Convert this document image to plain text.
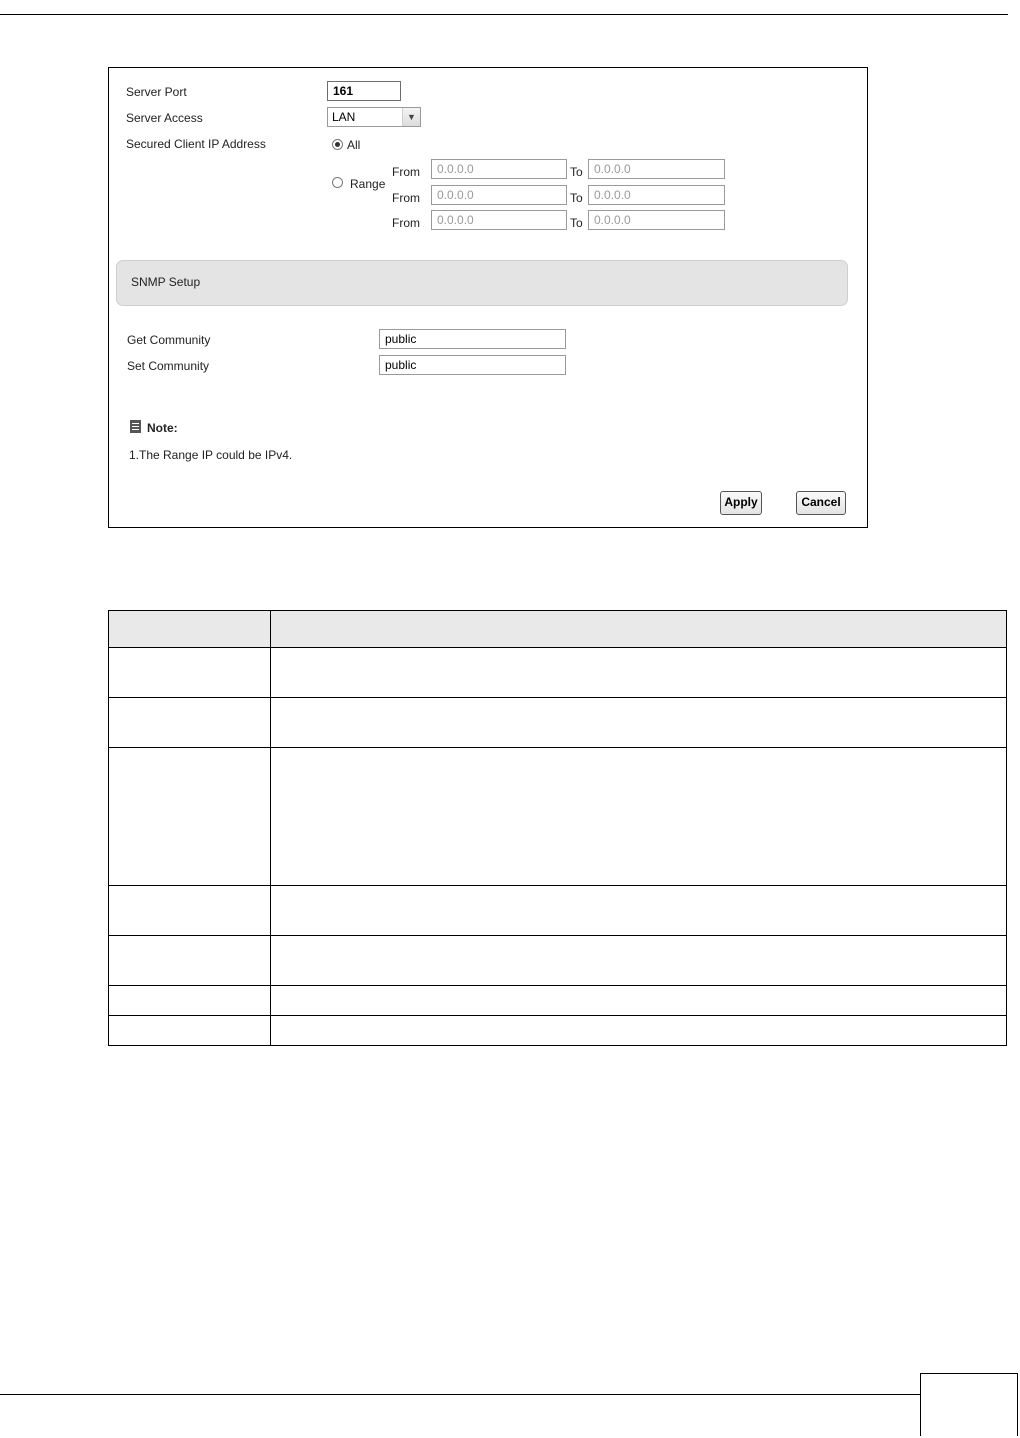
Server Port	161
Server Access	LAN	▼
Secured Client IP Address	All
Range
From	0.0.0.0	To 0.0.0.0
From	0.0.0.0	To 0.0.0.0
From	0.0.0.0	To 0.0.0.0
SNMP Setup
Get Community	public
Set Community	public
Note:
1.The Range IP could be IPv4.
Apply	Cancel
